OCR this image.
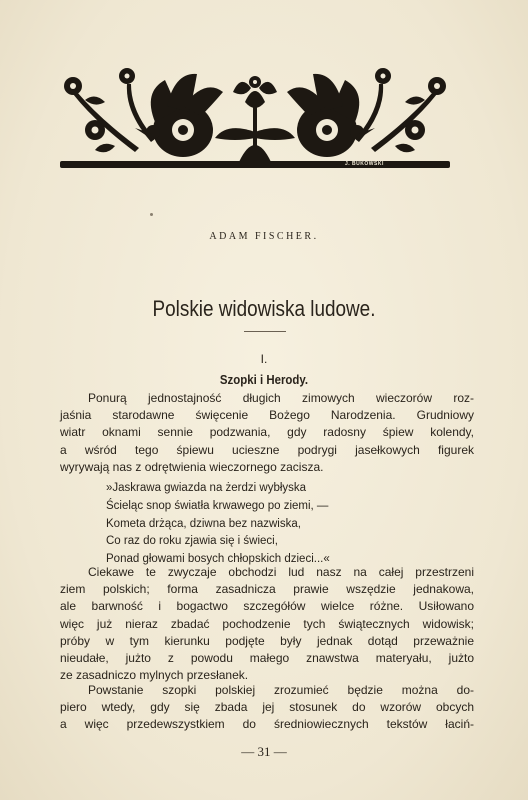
J. BUKOWSKI
ADAM FISCHER.
Polskie widowiska ludowe.
I.
Szopki i Herody.
Ponurą jednostajność długich zimowych wieczorów roz-
jaśnia starodawne święcenie Bożego Narodzenia. Grudniowy
wiatr oknami sennie podzwania, gdy radosny śpiew kolendy,
a wśród tego śpiewu ucieszne podrygi jasełkowych figurek
wyrywają nas z odrętwienia wieczornego zacisza.
»Jaskrawa gwiazda na żerdzi wybłyska
Ścieląc snop światła krwawego po ziemi, —
Kometa drżąca, dziwna bez nazwiska,
Co raz do roku zjawia się i świeci,
Ponad głowami bosych chłopskich dzieci...«
Ciekawe te zwyczaje obchodzi lud nasz na całej przestrzeni
ziem polskich; forma zasadnicza prawie wszędzie jednakowa,
ale barwność i bogactwo szczegółów wielce różne. Usiłowano
więc już nieraz zbadać pochodzenie tych świątecznych widowisk;
próby w tym kierunku podjęte były jednak dotąd przeważnie
nieudałe, jużto z powodu małego znawstwa materyału, jużto
ze zasadniczo mylnych przesłanek.
Powstanie szopki polskiej zrozumieć będzie można do-
piero wtedy, gdy się zbada jej stosunek do wzorów obcych
a więc przedewszystkiem do średniowiecznych tekstów łaciń-
— 31 —
